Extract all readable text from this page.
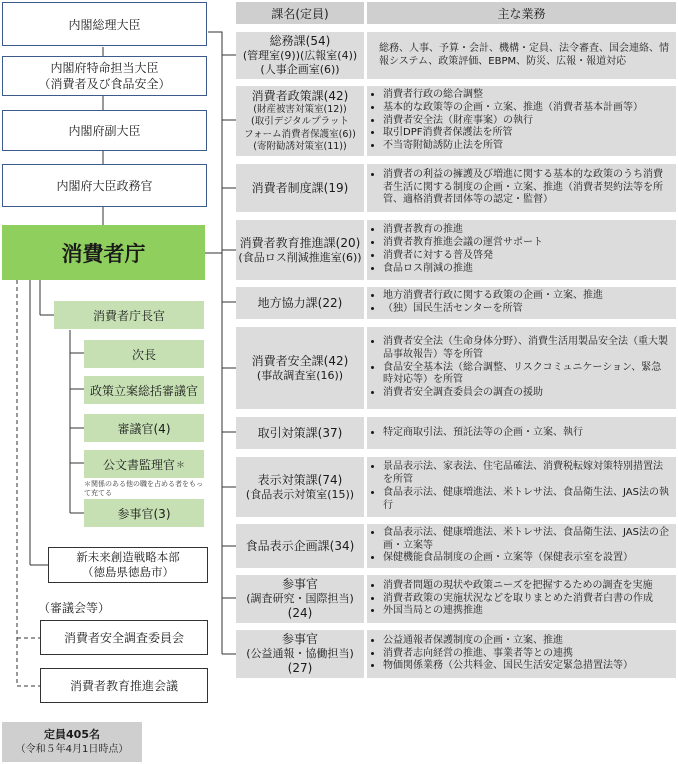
内閣総理大臣
内閣府特命担当大臣
（消費者及び食品安全）
内閣府副大臣
内閣府大臣政務官
消費者庁
消費者庁長官
次長
政策立案総括審議官
審議官(4)
公文書監理官 ＊
＊関係のある他の職を占める者をもって充てる
参事官(3)
新未来創造戦略本部
（徳島県徳島市）
（審議会等）
消費者安全調査委員会
消費者教育推進会議
定員405名
（令和５年4月1日時点）
課名(定員)	主な業務
総務課(54)
(管理室(9))(広報室(4))
(人事企画室(6))
消費者政策課(42)
(財産被害対策室(12))
(取引デジタルプラット
フォーム消費者保護室(6))
(寄附勧誘対策室(11))
消費者制度課(19)
消費者教育推進課(20)
(食品ロス削減推進室(6))
地方協力課(22)
消費者安全課(42)
(事故調査室(16))
取引対策課(37)
表示対策課(74)
(食品表示対策室(15))
食品表示企画課(34)
参事官
(調査研究・国際担当)
(24)
参事官
(公益通報・協働担当)
(27)
総務、人事、予算・会計、機構・定員、法令審査、国会連絡、情報システム、政策評価、EBPM、防災、広報・報道対応
• 消費者行政の総合調整
• 基本的な政策等の企画・立案、推進（消費者基本計画等）
• 消費者安全法（財産事案）の執行
• 取引DPF消費者保護法を所管
• 不当寄附勧誘防止法を所管
• 消費者の利益の擁護及び増進に関する基本的な政策のうち消費者生活に関する制度の企画・立案、推進（消費者契約法等を所管、適格消費者団体等の認定・監督）
• 消費者教育の推進
• 消費者教育推進会議の運営サポート
• 消費者に対する普及啓発
• 食品ロス削減の推進
• 地方消費者行政に関する政策の企画・立案、推進
• （独）国民生活センターを所管
• 消費者安全法（生命身体分野）、消費生活用製品安全法（重大製品事故報告）等を所管
• 食品安全基本法（総合調整、リスクコミュニケーション、緊急時対応等）を所管
• 消費者安全調査委員会の調査の援助
• 特定商取引法、預託法等の企画・立案、執行
• 景品表示法、家表法、住宅品確法、消費税転嫁対策特別措置法を所管
• 食品表示法、健康増進法、米トレサ法、食品衛生法、JAS法の執行
• 食品表示法、健康増進法、米トレサ法、食品衛生法、JAS法の企画・立案等
• 保健機能食品制度の企画・立案等（保健表示室を設置）
• 消費者問題の現状や政策ニーズを把握するための調査を実施
• 消費者政策の実施状況などを取りまとめた消費者白書の作成
• 外国当局との連携推進
• 公益通報者保護制度の企画・立案、推進
• 消費者志向経営の推進、事業者等との連携
• 物価関係業務（公共料金、国民生活安定緊急措置法等）
